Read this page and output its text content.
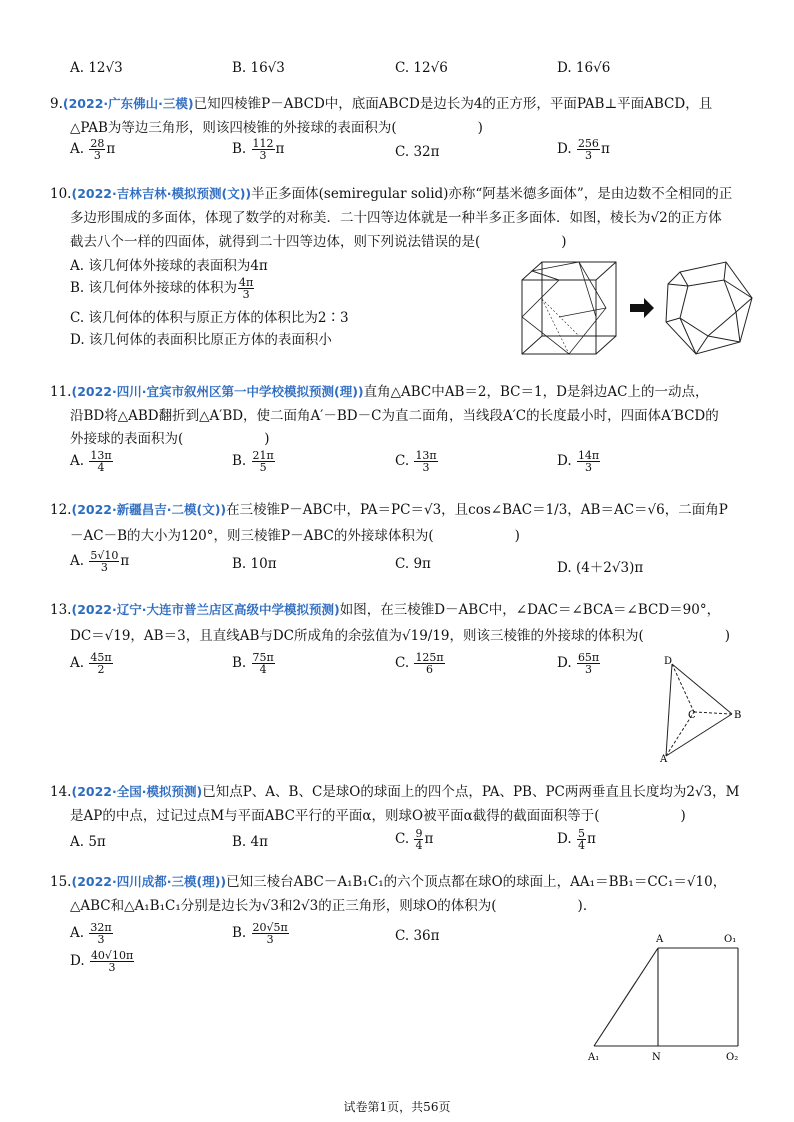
A. 12√3	B. 16√3	C. 12√6	D. 16√6
9.(2022·广东佛山·三模)已知四棱锥P－ABCD中，底面ABCD是边长为4的正方形，平面PAB⊥平面ABCD，且
△PAB为等边三角形，则该四棱锥的外接球的表面积为(　　　　　　)
A. $\frac{28}{3}$ π	B. $\frac{112}{3}$ π	C. 32π	D. $\frac{256}{3}$ π
10.(2022·吉林吉林·模拟预测(文))半正多面体(semiregular solid)亦称“阿基米德多面体”，是由边数不全相同的正
多边形围成的多面体，体现了数学的对称美．二十四等边体就是一种半多正多面体．如图，棱长为√2的正方体
截去八个一样的四面体，就得到二十四等边体，则下列说法错误的是(　　　　　　)
A. 该几何体外接球的表面积为4π
B. 该几何体外接球的体积为 $\frac{4\pi}{3}$
C. 该几何体的体积与原正方体的体积比为2∶3
D. 该几何体的表面积比原正方体的表面积小
11.(2022·四川·宜宾市叙州区第一中学校模拟预测(理))直角△ABC中AB＝2，BC＝1，D是斜边AC上的一动点，
沿BD将△ABD翻折到△A′BD，使二面角A′－BD－C为直二面角，当线段A′C的长度最小时，四面体A′BCD的
外接球的表面积为(　　　　　　)
A. $\frac{13\pi}{4}$	B. $\frac{21\pi}{5}$	C. $\frac{13\pi}{3}$	D. $\frac{14\pi}{3}$
12.(2022·新疆昌吉·二模(文))在三棱锥P－ABC中，PA＝PC＝√3，且cos∠BAC＝1/3，AB＝AC＝√6，二面角P
－AC－B的大小为120°，则三棱锥P－ABC的外接球体积为(　　　　　　)
A. $\frac{5√10}{3}$ π	B. 10π	C. 9π	D. (4＋2√3)π
13.(2022·辽宁·大连市普兰店区高级中学模拟预测)如图，在三棱锥D－ABC中，∠DAC＝∠BCA＝∠BCD＝90°，
DC＝√19，AB＝3，且直线AB与DC所成角的余弦值为√19/19，则该三棱锥的外接球的体积为(　　　　　　)
A. $\frac{45\pi}{2}$	B. $\frac{75\pi}{4}$	C. $\frac{125\pi}{6}$	D. $\frac{65\pi}{3}$	D
C	B
A
14.(2022·全国·模拟预测)已知点P、A、B、C是球O的球面上的四个点，PA、PB、PC两两垂直且长度均为2√3，M
是AP的中点，过记过点M与平面ABC平行的平面α，则球O被平面α截得的截面面积等于(　　　　　　)
A. 5π	B. 4π	C. $\frac{9}{4}$ π	D. $\frac{5}{4}$ π
15.(2022·四川成都·三模(理))已知三棱台ABC－A₁B₁C₁的六个顶点都在球O的球面上，AA₁＝BB₁＝CC₁＝√10，
△ABC和△A₁B₁C₁分别是边长为√3和2√3的正三角形，则球O的体积为(　　　　　　)．
A. $\frac{32\pi}{3}$	B. $\frac{20√5\pi}{3}$	C. 36π
D. $\frac{40√10\pi}{3}$
A	O₁
A₁	N	O₂
试卷第1页，共56页
